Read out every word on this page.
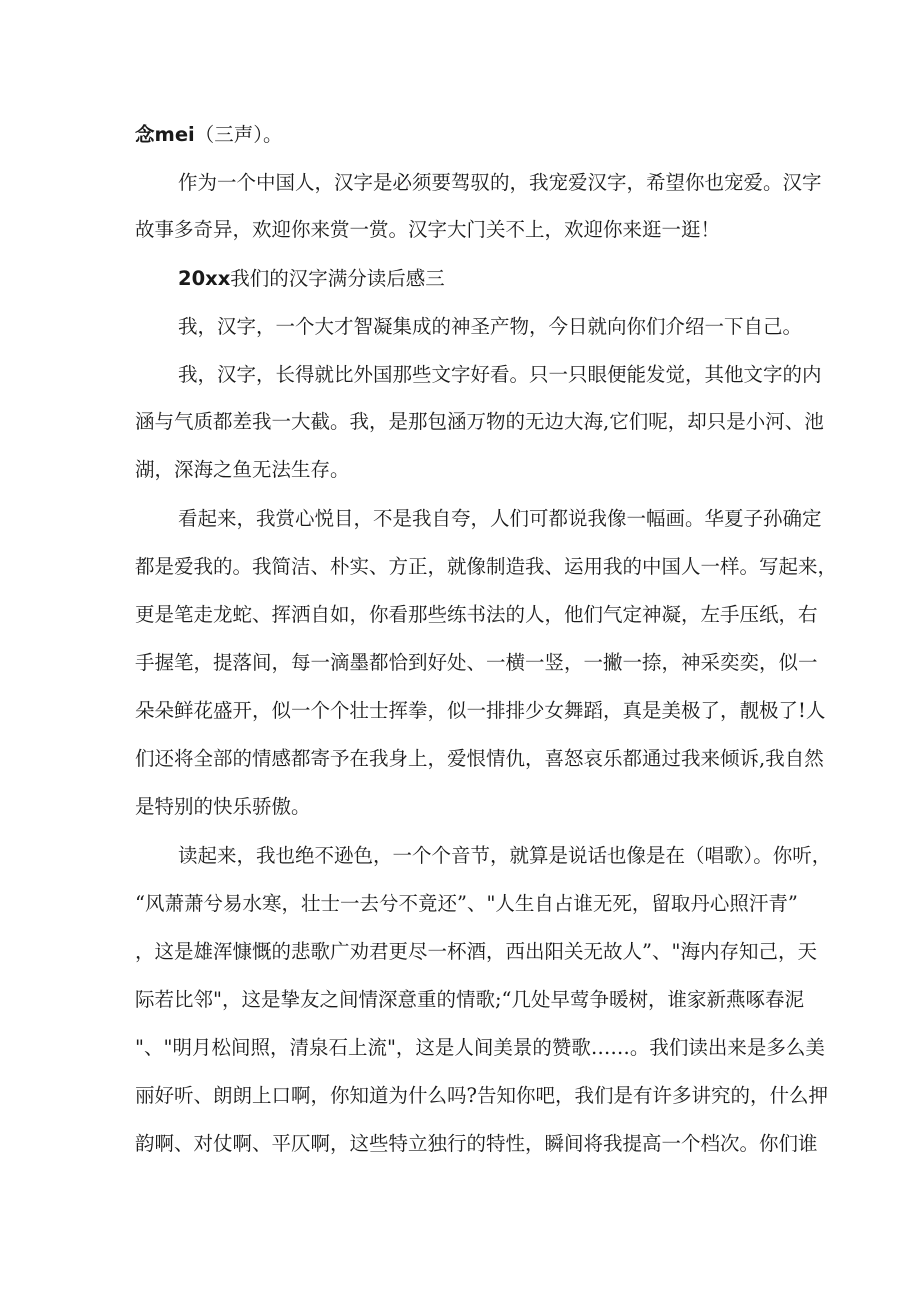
念mei（三声）。
作为一个中国人，汉字是必须要驾驭的，我宠爱汉字，希望你也宠爱。汉字
故事多奇异，欢迎你来赏一赏。汉字大门关不上，欢迎你来逛一逛！
20xx我们的汉字满分读后感三
我，汉字，一个大才智凝集成的神圣产物，今日就向你们介绍一下自己。
我，汉字，长得就比外国那些文字好看。只一只眼便能发觉，其他文字的内
涵与气质都差我一大截。我，是那包涵万物的无边大海,它们呢，却只是小河、池
湖，深海之鱼无法生存。
看起来，我赏心悦目，不是我自夸，人们可都说我像一幅画。华夏子孙确定
都是爱我的。我简洁、朴实、方正，就像制造我、运用我的中国人一样。写起来，
更是笔走龙蛇、挥洒自如，你看那些练书法的人，他们气定神凝，左手压纸，右
手握笔，提落间，每一滴墨都恰到好处、一横一竖，一撇一捺，神采奕奕，似一
朵朵鲜花盛开，似一个个壮士挥拳，似一排排少女舞蹈，真是美极了，靓极了!人
们还将全部的情感都寄予在我身上，爱恨情仇，喜怒哀乐都通过我来倾诉,我自然
是特别的快乐骄傲。
读起来，我也绝不逊色，一个个音节，就算是说话也像是在（唱歌）。你听，
“风萧萧兮易水寒，壮士一去兮不竟还”、"人生自占谁无死，留取丹心照汗青”
，这是雄浑慷慨的悲歌广劝君更尽一杯酒，西出阳关无故人”、"海内存知己，天
际若比邻"，这是挚友之间情深意重的情歌;“几处早莺争暖树，谁家新燕啄春泥
"、"明月松间照，清泉石上流"，这是人间美景的赞歌……。我们读出来是多么美
丽好听、朗朗上口啊，你知道为什么吗?告知你吧，我们是有许多讲究的，什么押
韵啊、对仗啊、平仄啊，这些特立独行的特性，瞬间将我提高一个档次。你们谁
